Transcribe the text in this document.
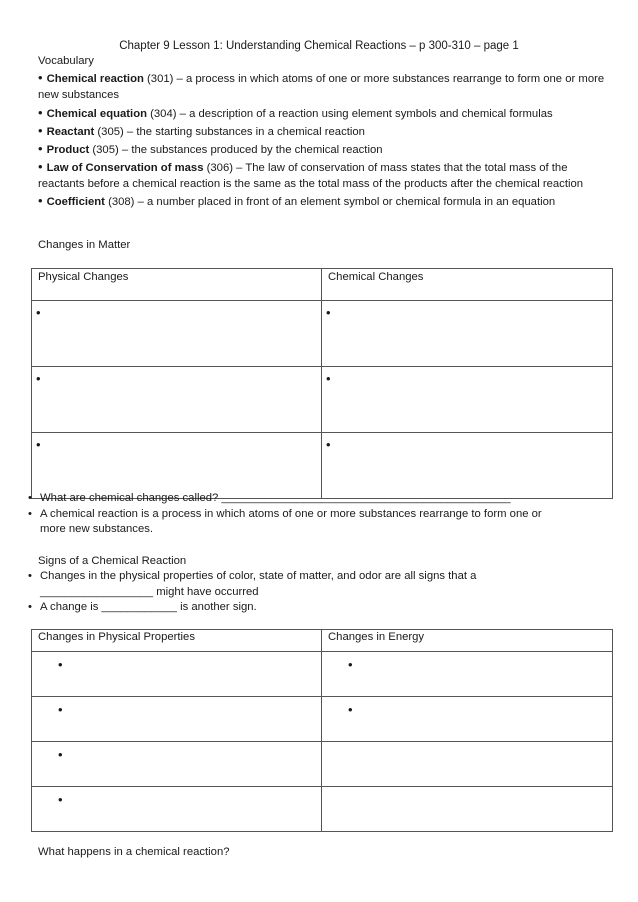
Chapter 9 Lesson 1: Understanding Chemical Reactions – p 300-310 – page 1
Vocabulary

• Chemical reaction (301) – a process in which atoms of one or more substances rearrange to form one or more new substances

• Chemical equation (304) – a description of a reaction using element symbols and chemical formulas

• Reactant (305) – the starting substances in a chemical reaction

• Product (305) – the substances produced by the chemical reaction

• Law of Conservation of mass (306) – The law of conservation of mass states that the total mass of the reactants before a chemical reaction is the same as the total mass of the products after the chemical reaction

• Coefficient (308) – a number placed in front of an element symbol or chemical formula in an equation

Changes in Matter
Physical Changes	Chemical Changes
•	•
•	•
•	•
• What are chemical changes called? ______________________________________________
• A chemical reaction is a process in which atoms of one or more substances rearrange to form one or
more new substances.
Signs of a Chemical Reaction
• Changes in the physical properties of color, state of matter, and odor are all signs that a
__________________ might have occurred
• A change is ____________ is another sign.
Changes in Physical Properties	Changes in Energy
•	•
•	•
•	
•	
What happens in a chemical reaction?
